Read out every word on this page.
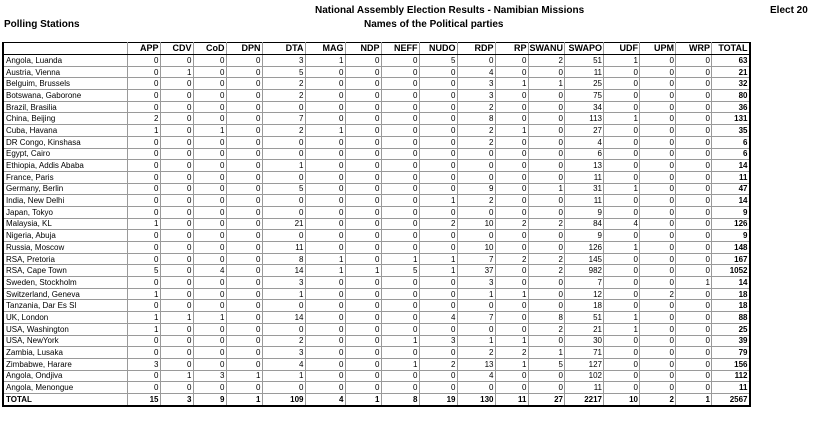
National Assembly Election Results - Namibian Missions	Elect 20
Polling Stations	Names of the Political parties
	APP	CDV	CoD	DPN	DTA	MAG	NDP	NEFF	NUDO	RDP	RP	SWANU	SWAPO	UDF	UPM	WRP	TOTAL
Angola, Luanda	0	0	0	0	3	1	0	0	5	0	0	2	51	1	0	0	63
Austria, Vienna	0	1	0	0	5	0	0	0	0	4	0	0	11	0	0	0	21
Belguim, Brussels	0	0	0	0	2	0	0	0	0	3	1	1	25	0	0	0	32
Botswana, Gaborone	0	0	0	0	2	0	0	0	0	3	0	0	75	0	0	0	80
Brazil, Brasilia	0	0	0	0	0	0	0	0	0	2	0	0	34	0	0	0	36
China, Beijing	2	0	0	0	7	0	0	0	0	8	0	0	113	1	0	0	131
Cuba, Havana	1	0	1	0	2	1	0	0	0	2	1	0	27	0	0	0	35
DR Congo, Kinshasa	0	0	0	0	0	0	0	0	0	2	0	0	4	0	0	0	6
Egypt, Cairo	0	0	0	0	0	0	0	0	0	0	0	0	6	0	0	0	6
Ethiopia, Addis Ababa	0	0	0	0	1	0	0	0	0	0	0	0	13	0	0	0	14
France, Paris	0	0	0	0	0	0	0	0	0	0	0	0	11	0	0	0	11
Germany, Berlin	0	0	0	0	5	0	0	0	0	9	0	1	31	1	0	0	47
India, New Delhi	0	0	0	0	0	0	0	0	1	2	0	0	11	0	0	0	14
Japan, Tokyo	0	0	0	0	0	0	0	0	0	0	0	0	9	0	0	0	9
Malaysia, KL	1	0	0	0	21	0	0	0	2	10	2	2	84	4	0	0	126
Nigeria, Abuja	0	0	0	0	0	0	0	0	0	0	0	0	9	0	0	0	9
Russia, Moscow	0	0	0	0	11	0	0	0	0	10	0	0	126	1	0	0	148
RSA, Pretoria	0	0	0	0	8	1	0	1	1	7	2	2	145	0	0	0	167
RSA, Cape Town	5	0	4	0	14	1	1	5	1	37	0	2	982	0	0	0	1052
Sweden, Stockholm	0	0	0	0	3	0	0	0	0	3	0	0	7	0	0	1	14
Switzerland, Geneva	1	0	0	0	1	0	0	0	0	1	1	0	12	0	2	0	18
Tanzania, Dar Es Sl	0	0	0	0	0	0	0	0	0	0	0	0	18	0	0	0	18
UK, London	1	1	1	0	14	0	0	0	4	7	0	8	51	1	0	0	88
USA, Washington	1	0	0	0	0	0	0	0	0	0	0	2	21	1	0	0	25
USA, NewYork	0	0	0	0	2	0	0	1	3	1	1	0	30	0	0	0	39
Zambia, Lusaka	0	0	0	0	3	0	0	0	0	2	2	1	71	0	0	0	79
Zimbabwe, Harare	3	0	0	0	4	0	0	1	2	13	1	5	127	0	0	0	156
Angola, Ondjiva	0	1	3	1	1	0	0	0	0	4	0	0	102	0	0	0	112
Angola, Menongue	0	0	0	0	0	0	0	0	0	0	0	0	11	0	0	0	11
TOTAL	15	3	9	1	109	4	1	8	19	130	11	27	2217	10	2	1	2567
